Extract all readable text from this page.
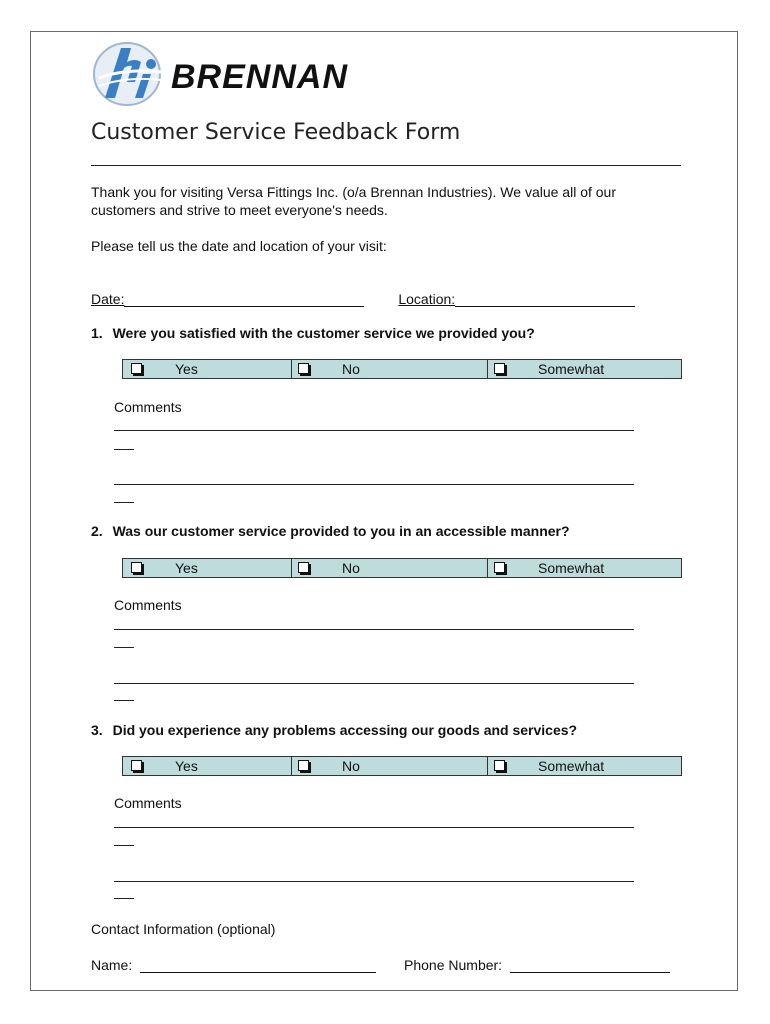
BRENNAN
Customer Service Feedback Form
Thank you for visiting Versa Fittings Inc. (o/a Brennan Industries). We value all of our customers and strive to meet everyone's needs.
Please tell us the date and location of your visit:
Date:	Location:
1. Were you satisfied with the customer service we provided you?
Yes	No	Somewhat
Comments
2. Was our customer service provided to you in an accessible manner?
Yes	No	Somewhat
Comments
3. Did you experience any problems accessing our goods and services?
Yes	No	Somewhat
Comments
Contact Information (optional)
Name:	Phone Number:
